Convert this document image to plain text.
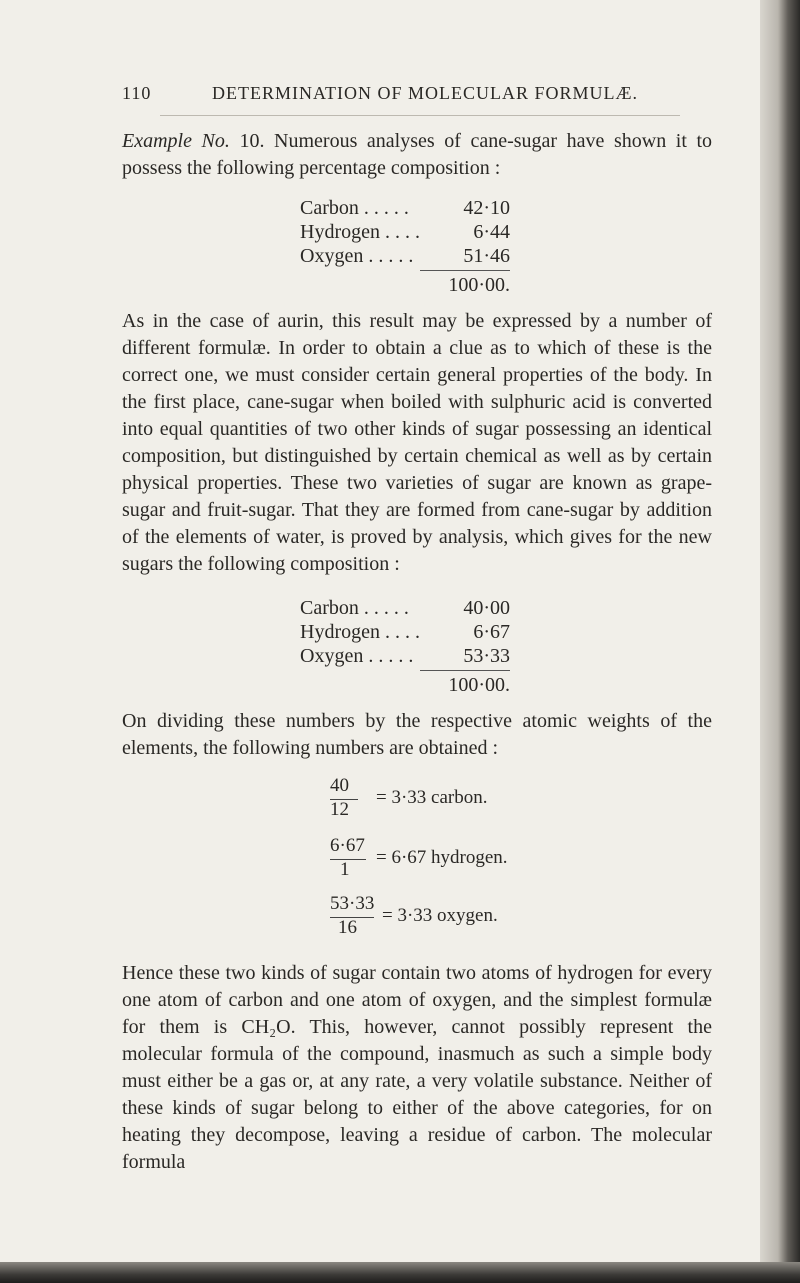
110	DETERMINATION OF MOLECULAR FORMULÆ.

Example No. 10. Numerous analyses of cane-sugar have shown it to possess the following percentage composition :

Carbon . . . . .	42·10
Hydrogen . . . .	6·44
Oxygen . . . . .	51·46
100·00.

As in the case of aurin, this result may be expressed by a number of different formulæ. In order to obtain a clue as to which of these is the correct one, we must consider certain general properties of the body. In the first place, cane-sugar when boiled with sulphuric acid is converted into equal quantities of two other kinds of sugar possessing an identical composition, but distinguished by certain chemical as well as by certain physical properties. These two varieties of sugar are known as grape-sugar and fruit-sugar. That they are formed from cane-sugar by addition of the elements of water, is proved by analysis, which gives for the new sugars the following composition :

Carbon . . . . .	40·00
Hydrogen . . . .	6·67
Oxygen . . . . .	53·33
100·00.

On dividing these numbers by the respective atomic weights of the elements, the following numbers are obtained :

40
12
= 3·33 carbon.
6·67
1
= 6·67 hydrogen.
53·33
16
= 3·33 oxygen.

Hence these two kinds of sugar contain two atoms of hydrogen for every one atom of carbon and one atom of oxygen, and the simplest formulæ for them is CH₂O. This, however, cannot possibly represent the molecular formula of the compound, inasmuch as such a simple body must either be a gas or, at any rate, a very volatile substance. Neither of these kinds of sugar belong to either of the above categories, for on heating they decompose, leaving a residue of carbon. The molecular formula
